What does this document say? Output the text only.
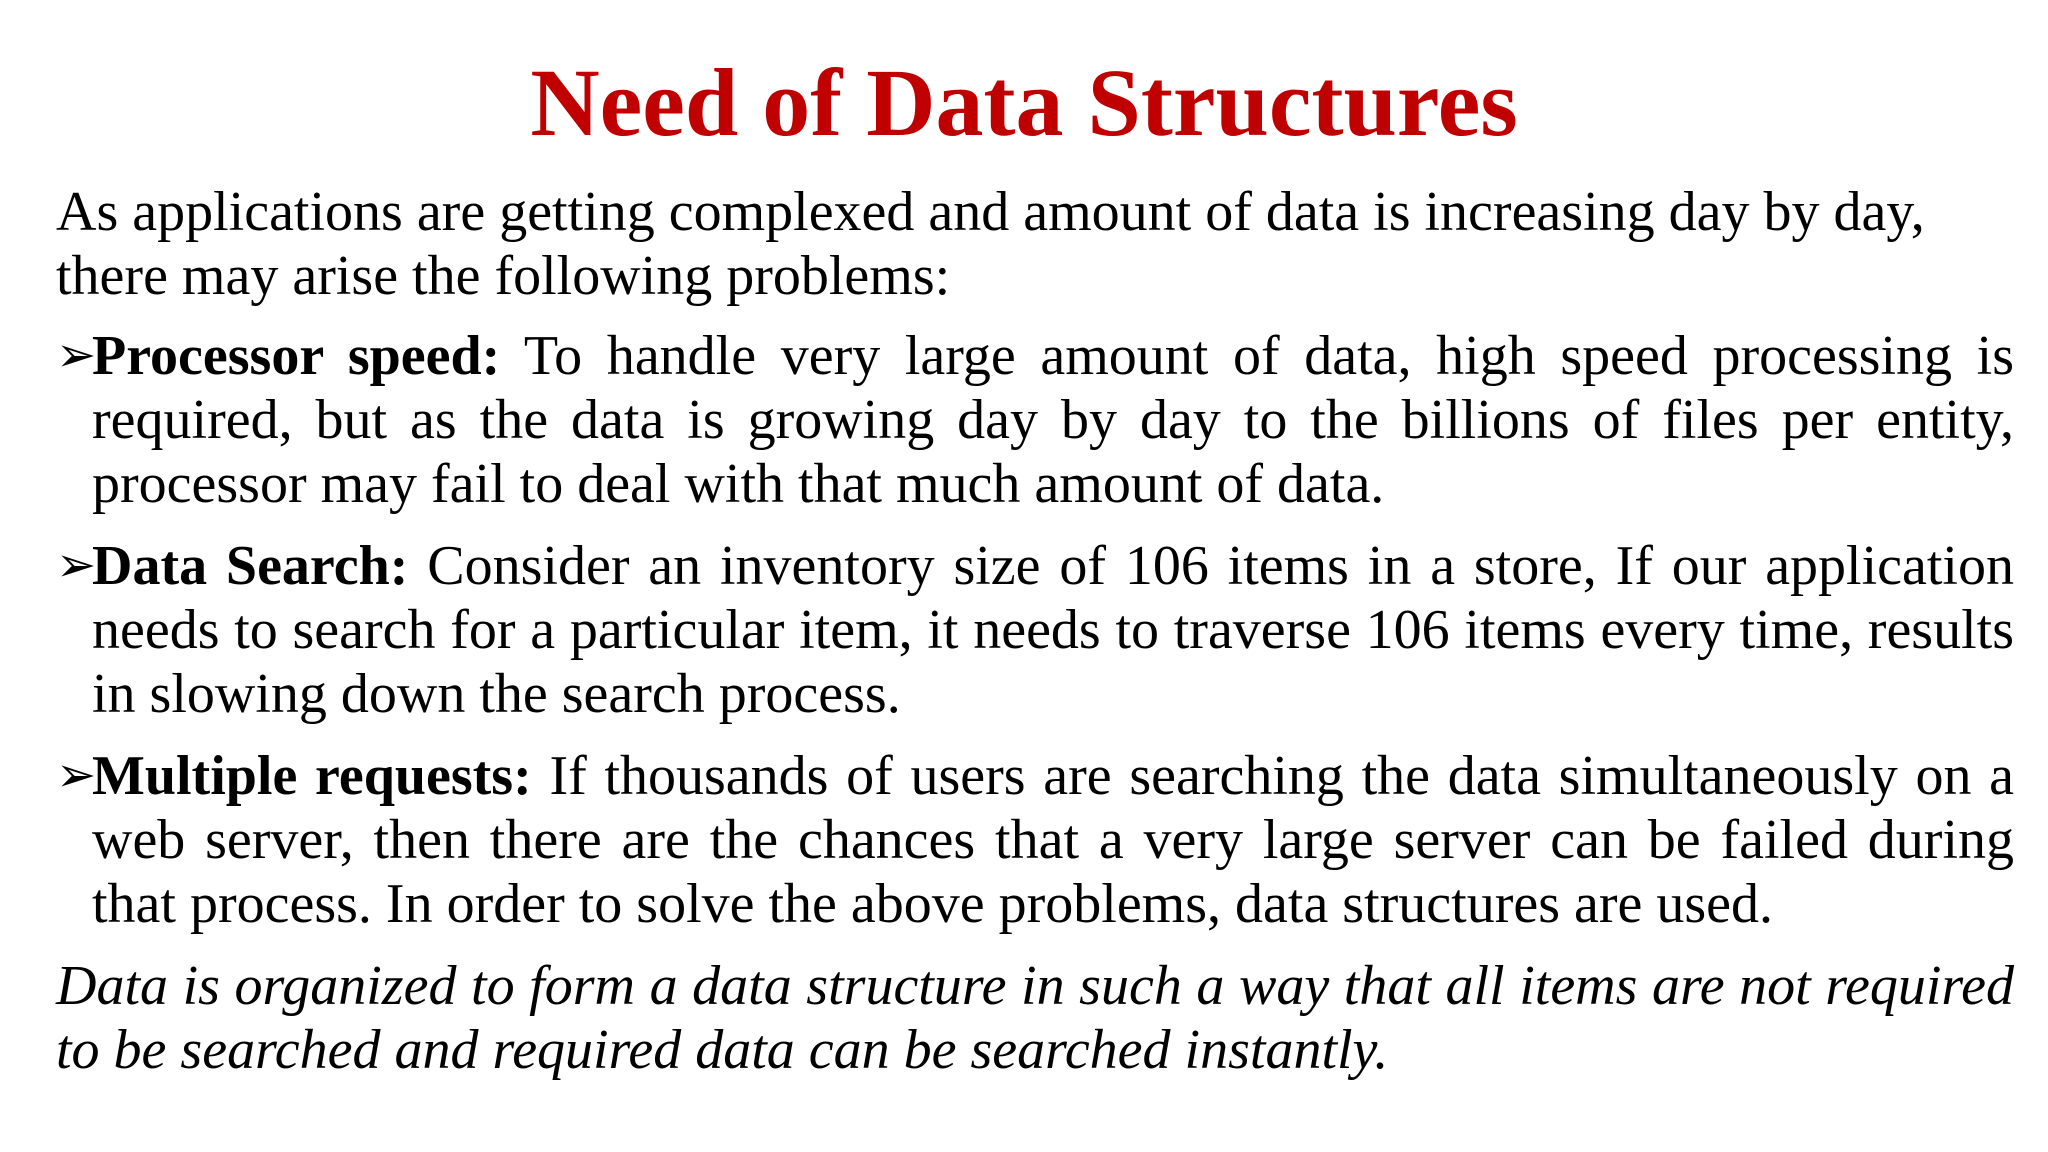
Need of Data Structures

As applications are getting complexed and amount of data is increasing day by day, there may arise the following problems:

➢
Processor speed: To handle very large amount of data, high speed processing is required, but as the data is growing day by day to the billions of files per entity, processor may fail to deal with that much amount of data.

➢
Data Search: Consider an inventory size of 106 items in a store, If our application needs to search for a particular item, it needs to traverse 106 items every time, results in slowing down the search process.

➢
Multiple requests: If thousands of users are searching the data simultaneously on a web server, then there are the chances that a very large server can be failed during that process. In order to solve the above problems, data structures are used.

Data is organized to form a data structure in such a way that all items are not required to be searched and required data can be searched instantly.
